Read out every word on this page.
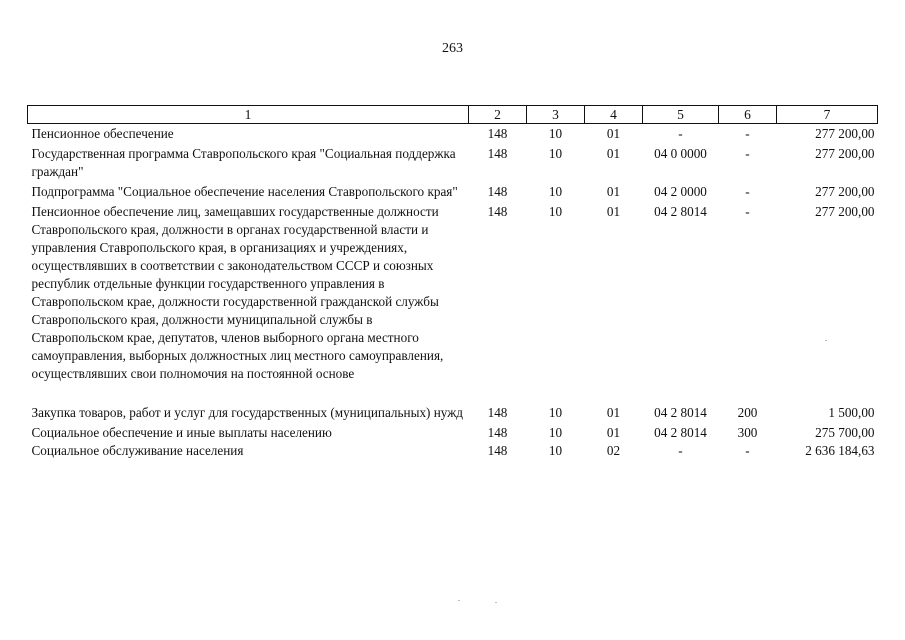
263
1	2	3	4	5	6	7
Пенсионное обеспечение	148	10	01	-	-	277 200,00
Государственная программа Ставропольского края "Социальная поддержка граждан"	148	10	01	04 0 0000	-	277 200,00
Подпрограмма "Социальное обеспечение населения Ставропольского края"	148	10	01	04 2 0000	-	277 200,00
Пенсионное обеспечение лиц, замещавших государственные должности Ставропольского края, должности в органах государственной власти и управления Ставропольского края, в организациях и учреждениях, осуществлявших в соответствии с законодательством СССР и союзных республик отдельные функции государственного управления в Ставропольском крае, должности государственной гражданской службы Ставропольского края, должности муниципальной службы в Ставропольском крае, депутатов, членов выборного органа местного самоуправления, выборных должностных лиц местного самоуправления, осуществлявших свои полномочия на постоянной основе	148	10	01	04 2 8014	-	277 200,00
Закупка товаров, работ и услуг для государственных (муниципальных) нужд	148	10	01	04 2 8014	200	1 500,00
Социальное обеспечение и иные выплаты населению	148	10	01	04 2 8014	300	275 700,00
Социальное обслуживание населения	148	10	02	-	-	2 636 184,63
